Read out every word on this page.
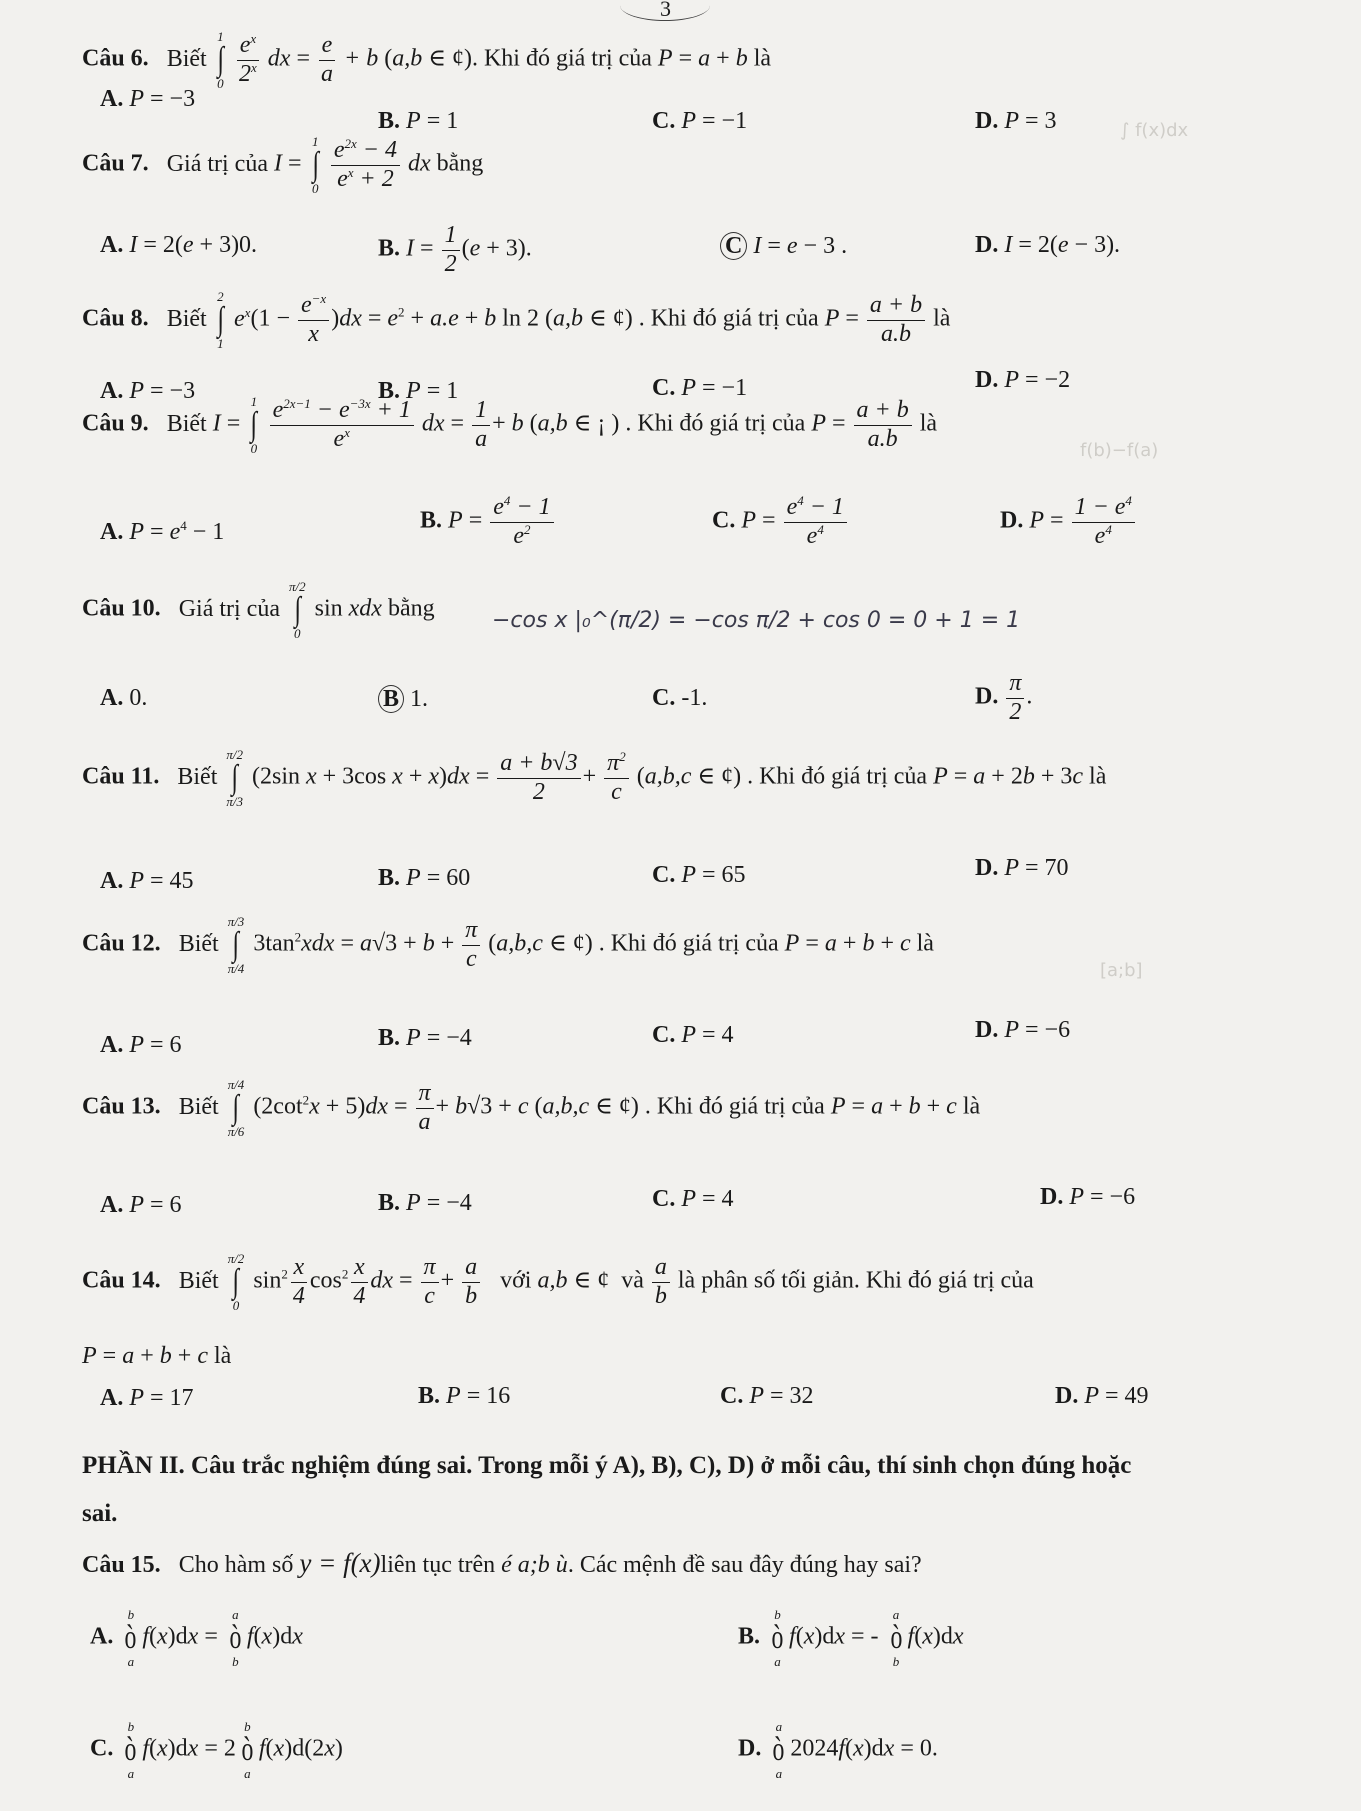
3
∫ f(x)dx
f(b)−f(a)
[a;b]
Câu 6. Biết
1
∫
0
$\frac{e^x}{2^x}$ dx = $\frac{e}{a} + b$ (a,b ∈ ¢). Khi đó giá trị của P = a + b là
A. P = −3
B. P = 1	C. P = −1	D. P = 3
Câu 7. Giá trị của I =
1
∫
0
$\frac{e^{2x} - 4}{e^x + 2}$ dx bằng
A. I = 2(e + 3)0.	B. $I = \frac{1}{2} (e + 3)$.	C I = e − 3 .	D. I = 2(e − 3).
Câu 8. Biết
2
∫
1
$e^x(1 - \frac{e^{-x}}{x} )dx = e^2 + a.e + b$ ln 2 (a,b ∈ ¢) . Khi đó giá trị của $P = \frac{a + b}{a.b}$ là
A. P = −3	B. P = 1	C. P = −1	D. P = −2
Câu 9. Biết I =
1
∫
0
$\frac{e^{2x-1} - e^{-3x} + 1}{e^x}$ dx = $\frac{1}{a} + b$ (a,b ∈ ¡ ) . Khi đó giá trị của $P = \frac{a + b}{a.b}$ là
A. $P = e^4 - 1$	B. $P = \frac{e^4 - 1}{e^2}$	C. $P = \frac{e^4 - 1}{e^4}$	D. $P = \frac{1 - e^4}{e^4}$
Câu 10. Giá trị của
π/2
∫
0
sin xdx bằng	−cos x |₀^(π/2) = −cos π/2 + cos 0 = 0 + 1 = 1
A. 0.	B 1.	C. -1.	D. $\frac{\pi}{2}$ .
Câu 11. Biết
π/2
∫
π/3
(2sin x + 3cos $x + x)dx = \frac{a + b√3}{2} + \frac{\pi^2}{c} (a,b,c$ ∈ ¢) . Khi đó giá trị của P = a + 2b + 3c là
A. P = 45	B. P = 60	C. P = 65	D. P = 70
Câu 12. Biết
π/3
∫
π/4
$3\tan^2xdx = a√3 + b + \frac{\pi}{c} (a,b,c$ ∈ ¢) . Khi đó giá trị của P = a + b + c là
A. P = 6	B. P = −4	C. P = 4	D. P = −6
Câu 13. Biết
π/4
∫
π/6
$(2\cot^2x + 5)dx = \frac{\pi}{a} + b√3 + c$ (a,b,c ∈ ¢) . Khi đó giá trị của P = a + b + c là
A. P = 6	B. P = −4	C. P = 4	D. P = −6
Câu 14. Biết
π/2
∫
0
$\sin^2 \frac{x}{4} \cos^2 \frac{x}{4}$ dx = $\frac{\pi}{c} + \frac{a}{b}$ với a,b ∈ ¢  và $\frac{a}{b}$ là phân số tối giản. Khi đó giá trị của
P = a + b + c là
A. P = 17	B. P = 16	C. P = 32	D. P = 49
PHẦN II. Câu trắc nghiệm đúng sai. Trong mỗi ý A), B), C), D) ở mỗi câu, thí sinh chọn đúng hoặc
sai.
Câu 15. Cho hàm số y = f(x)liên tục trên é a;b ù. Các mệnh đề sau đây đúng hay sai?
A.
b
ò
a
f(x)dx =
a
ò
b
f(x)dx	B.
b
ò
a
f(x)dx = -
a
ò
b
f(x)dx
C.
b
ò
a
f(x)dx = 2
b
ò
a
f(x)d(2x)	D.
a
ò
a
2024f(x)dx = 0.
